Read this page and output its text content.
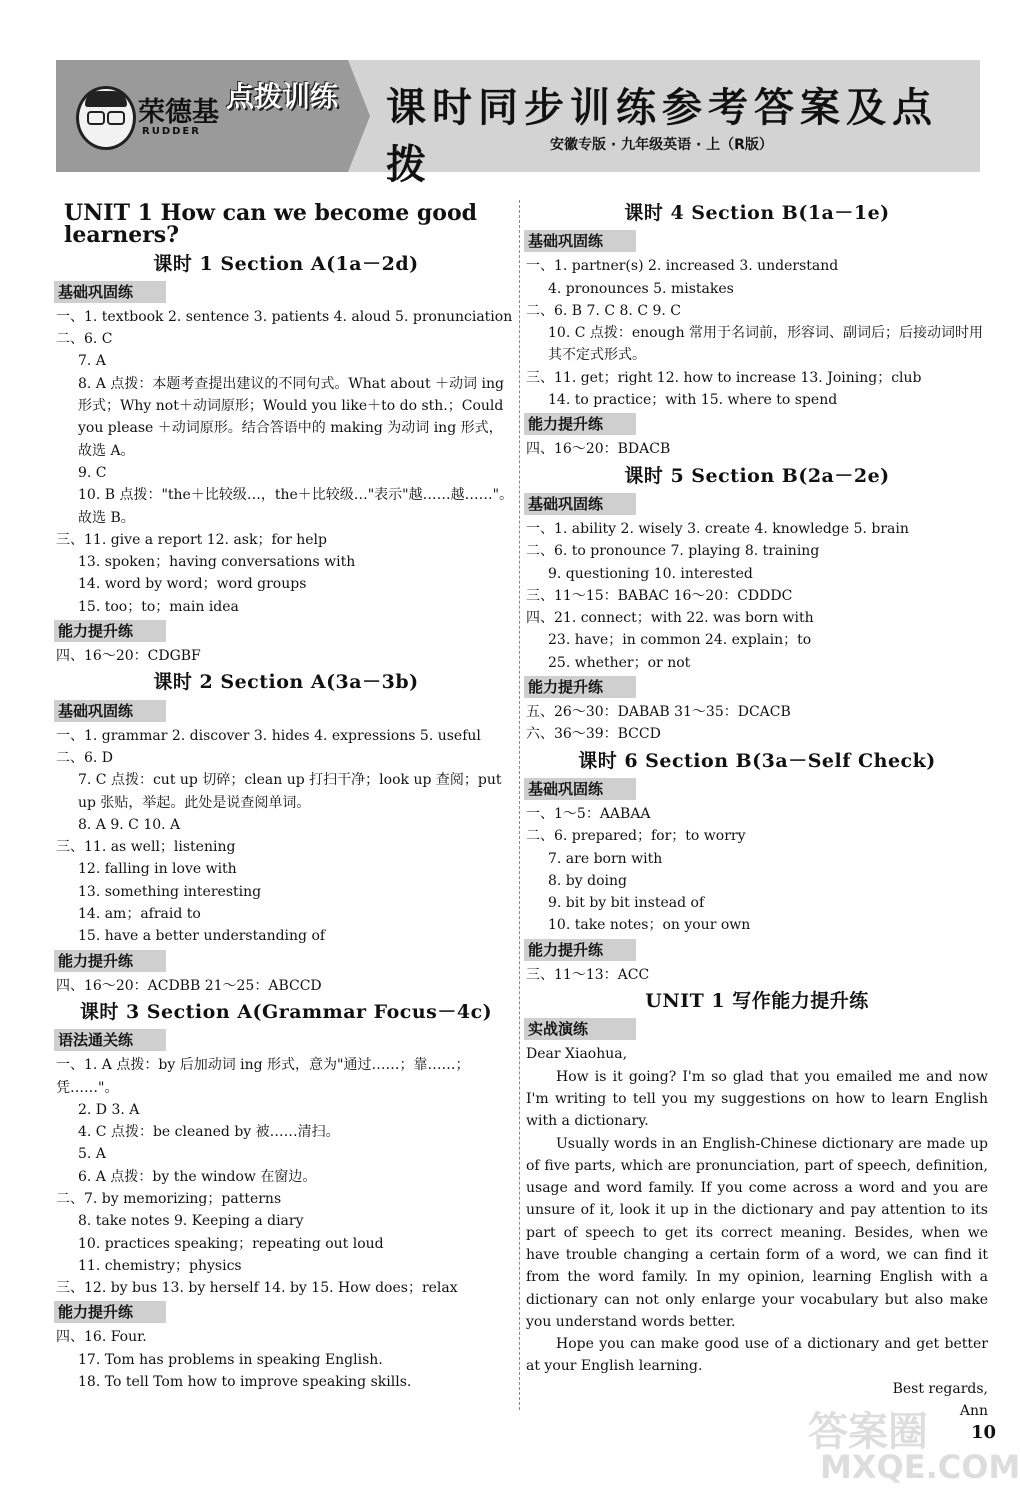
荣德基
RUDDER
点拨训练 课时同步训练参考答案及点拨	安徽专版 · 九年级英语 · 上（R版）
UNIT 1 How can we become good learners?
课时 1 Section A(1a－2d)
基础巩固练
一、1. textbook 2. sentence 3. patients 4. aloud 5. pronunciation
二、6. C
7. A
8. A 点拨：本题考查提出建议的不同句式。What about ＋动词 ing 形式；Why not＋动词原形；Would you like＋to do sth.；Could you please ＋动词原形。结合答语中的 making 为动词 ing 形式，故选 A。
9. C
10. B 点拨："the＋比较级…，the＋比较级…"表示"越……越……"。故选 B。
三、11. give a report 12. ask；for help
13. spoken；having conversations with
14. word by word；word groups
15. too；to；main idea
能力提升练
四、16～20：CDGBF
课时 2 Section A(3a－3b)
基础巩固练
一、1. grammar 2. discover 3. hides 4. expressions 5. useful
二、6. D
7. C 点拨：cut up 切碎；clean up 打扫干净；look up 查阅；put up 张贴，举起。此处是说查阅单词。
8. A 9. C 10. A
三、11. as well；listening
12. falling in love with
13. something interesting
14. am；afraid to
15. have a better understanding of
能力提升练
四、16～20：ACDBB 21～25：ABCCD
课时 3 Section A(Grammar Focus－4c)
语法通关练
一、1. A 点拨：by 后加动词 ing 形式，意为"通过……；靠……；凭……"。
2. D 3. A
4. C 点拨：be cleaned by 被……清扫。
5. A
6. A 点拨：by the window 在窗边。
二、7. by memorizing；patterns
8. take notes 9. Keeping a diary
10. practices speaking；repeating out loud
11. chemistry；physics
三、12. by bus 13. by herself 14. by 15. How does；relax
能力提升练
四、16. Four.
17. Tom has problems in speaking English.
18. To tell Tom how to improve speaking skills.
课时 4 Section B(1a－1e)
基础巩固练
一、1. partner(s) 2. increased 3. understand
4. pronounces 5. mistakes
二、6. B 7. C 8. C 9. C
10. C 点拨：enough 常用于名词前，形容词、副词后；后接动词时用其不定式形式。
三、11. get；right 12. how to increase 13. Joining；club
14. to practice；with 15. where to spend
能力提升练
四、16～20：BDACB
课时 5 Section B(2a－2e)
基础巩固练
一、1. ability 2. wisely 3. create 4. knowledge 5. brain
二、6. to pronounce 7. playing 8. training
9. questioning 10. interested
三、11～15：BABAC 16～20：CDDDC
四、21. connect；with 22. was born with
23. have；in common 24. explain；to
25. whether；or not
能力提升练
五、26～30：DABAB 31～35：DCACB
六、36～39：BCCD
课时 6 Section B(3a－Self Check)
基础巩固练
一、1～5：AABAA
二、6. prepared；for；to worry
7. are born with
8. by doing
9. bit by bit instead of
10. take notes；on your own
能力提升练
三、11～13：ACC
UNIT 1 写作能力提升练
实战演练
Dear Xiaohua,
How is it going? I'm so glad that you emailed me and now I'm writing to tell you my suggestions on how to learn English with a dictionary.
Usually words in an English-Chinese dictionary are made up of five parts, which are pronunciation, part of speech, definition, usage and word family. If you come across a word and you are unsure of it, look it up in the dictionary and pay attention to its part of speech to get its correct meaning. Besides, when we have trouble changing a certain form of a word, we can find it from the word family. In my opinion, learning English with a dictionary can not only enlarge your vocabulary but also make you understand words better.
Hope you can make good use of a dictionary and get better at your English learning.
Best regards,
Ann
答案圈
MXQE.COM
10
